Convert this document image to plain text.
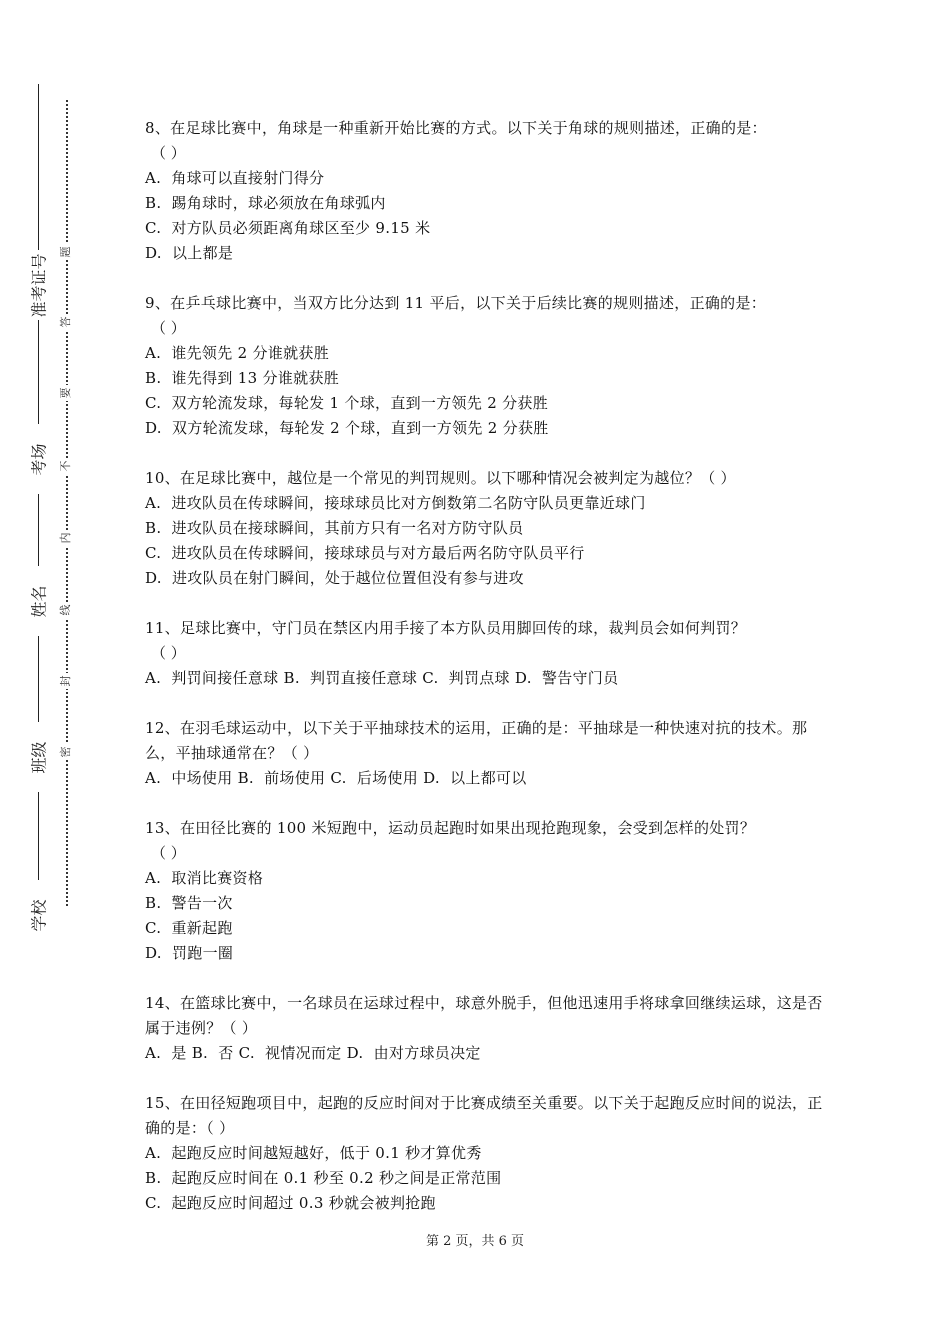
准考证号
考场
姓名
班级
学校
题
答
要
不
内
线
封
密
8、在足球比赛中，角球是一种重新开始比赛的方式。以下关于角球的规则描述，正确的是：
（ ）
A.  角球可以直接射门得分
B.  踢角球时，球必须放在角球弧内
C.  对方队员必须距离角球区至少 9.15 米
D.  以上都是
9、在乒乓球比赛中，当双方比分达到 11 平后，以下关于后续比赛的规则描述，正确的是：
（ ）
A.  谁先领先 2 分谁就获胜
B.  谁先得到 13 分谁就获胜
C.  双方轮流发球，每轮发 1 个球，直到一方领先 2 分获胜
D.  双方轮流发球，每轮发 2 个球，直到一方领先 2 分获胜
10、在足球比赛中，越位是一个常见的判罚规则。以下哪种情况会被判定为越位？（ ）
A.  进攻队员在传球瞬间，接球球员比对方倒数第二名防守队员更靠近球门
B.  进攻队员在接球瞬间，其前方只有一名对方防守队员
C.  进攻队员在传球瞬间，接球球员与对方最后两名防守队员平行
D.  进攻队员在射门瞬间，处于越位位置但没有参与进攻
11、足球比赛中，守门员在禁区内用手接了本方队员用脚回传的球，裁判员会如何判罚？
（ ）
A.  判罚间接任意球 B.  判罚直接任意球 C.  判罚点球 D.  警告守门员
12、在羽毛球运动中，以下关于平抽球技术的运用，正确的是：平抽球是一种快速对抗的技术。那么，平抽球通常在？（ ）
A.  中场使用 B.  前场使用 C.  后场使用 D.  以上都可以
13、在田径比赛的 100 米短跑中，运动员起跑时如果出现抢跑现象，会受到怎样的处罚？
（ ）
A.  取消比赛资格
B.  警告一次
C.  重新起跑
D.  罚跑一圈
14、在篮球比赛中，一名球员在运球过程中，球意外脱手，但他迅速用手将球拿回继续运球，这是否属于违例？（ ）
A.  是 B.  否 C.  视情况而定 D.  由对方球员决定
15、在田径短跑项目中，起跑的反应时间对于比赛成绩至关重要。以下关于起跑反应时间的说法，正确的是：（ ）
A.  起跑反应时间越短越好，低于 0.1 秒才算优秀
B.  起跑反应时间在 0.1 秒至 0.2 秒之间是正常范围
C.  起跑反应时间超过 0.3 秒就会被判抢跑
第 2 页，共 6 页
